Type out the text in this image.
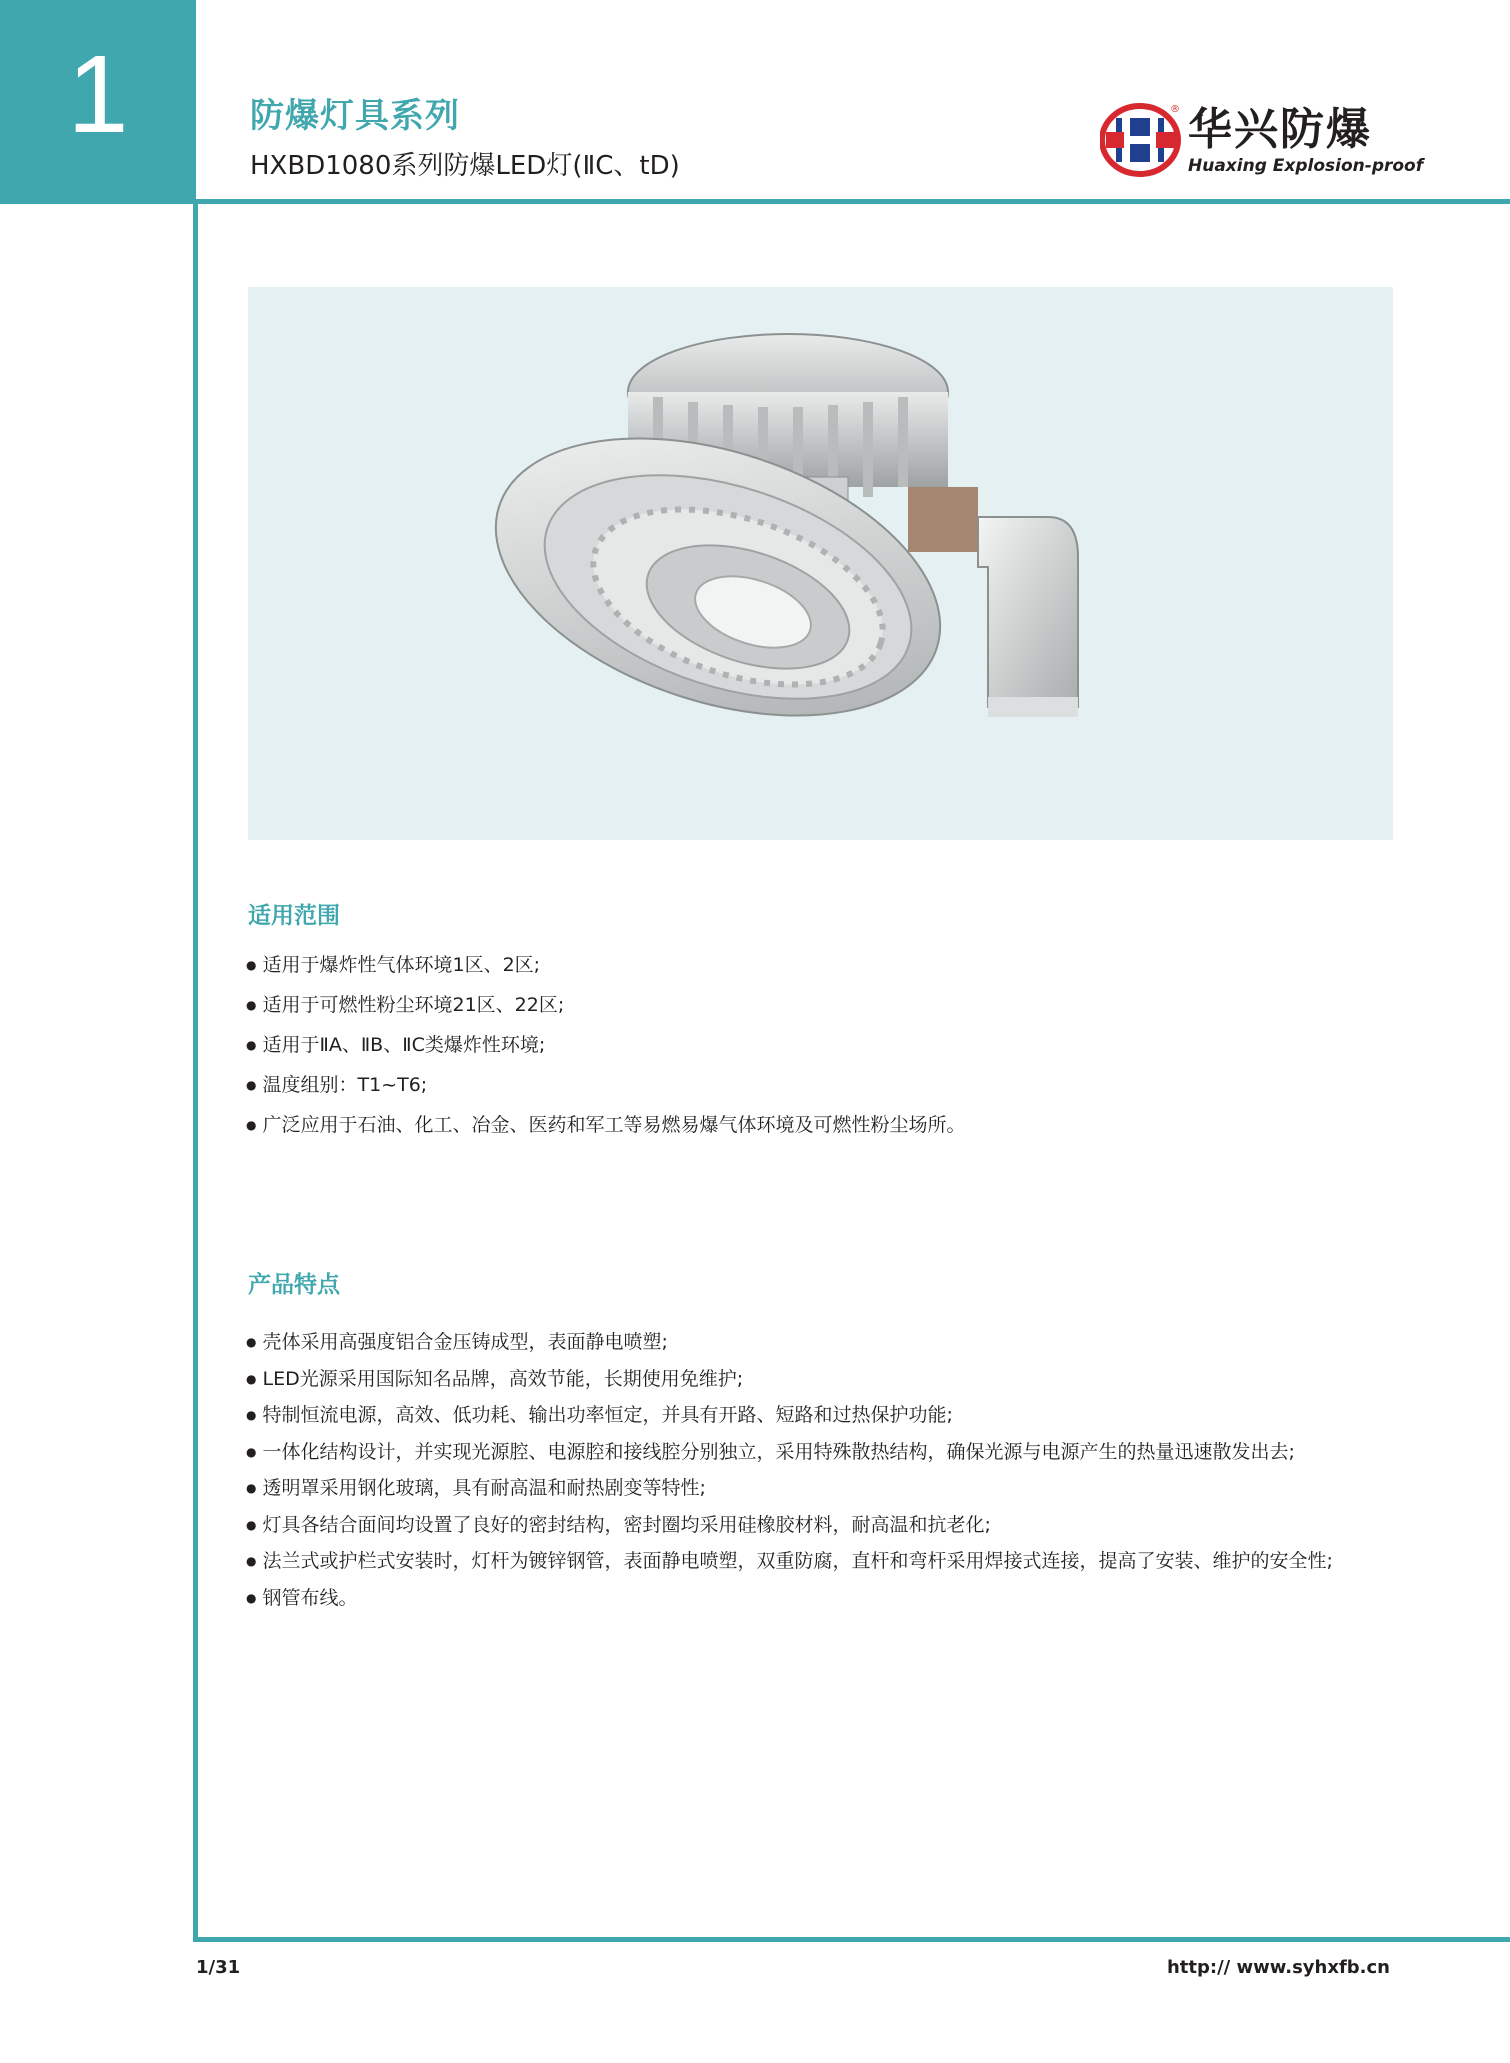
1	防爆灯具系列
HXBD1080系列防爆LED灯(ⅡC、tD)
® 华兴防爆
Huaxing Explosion-proof
适用范围
● 适用于爆炸性气体环境1区、2区;
● 适用于可燃性粉尘环境21区、22区;
● 适用于ⅡA、ⅡB、ⅡC类爆炸性环境;
● 温度组别：T1~T6;
● 广泛应用于石油、化工、冶金、医药和军工等易燃易爆气体环境及可燃性粉尘场所。
产品特点
● 壳体采用高强度铝合金压铸成型，表面静电喷塑;
● LED光源采用国际知名品牌，高效节能，长期使用免维护;
● 特制恒流电源，高效、低功耗、输出功率恒定，并具有开路、短路和过热保护功能;
● 一体化结构设计，并实现光源腔、电源腔和接线腔分别独立，采用特殊散热结构，确保光源与电源产生的热量迅速散发出去;
● 透明罩采用钢化玻璃，具有耐高温和耐热剧变等特性;
● 灯具各结合面间均设置了良好的密封结构，密封圈均采用硅橡胶材料，耐高温和抗老化;
● 法兰式或护栏式安装时，灯杆为镀锌钢管，表面静电喷塑，双重防腐，直杆和弯杆采用焊接式连接，提高了安装、维护的安全性;
● 钢管布线。
1/31	http:// www.syhxfb.cn
